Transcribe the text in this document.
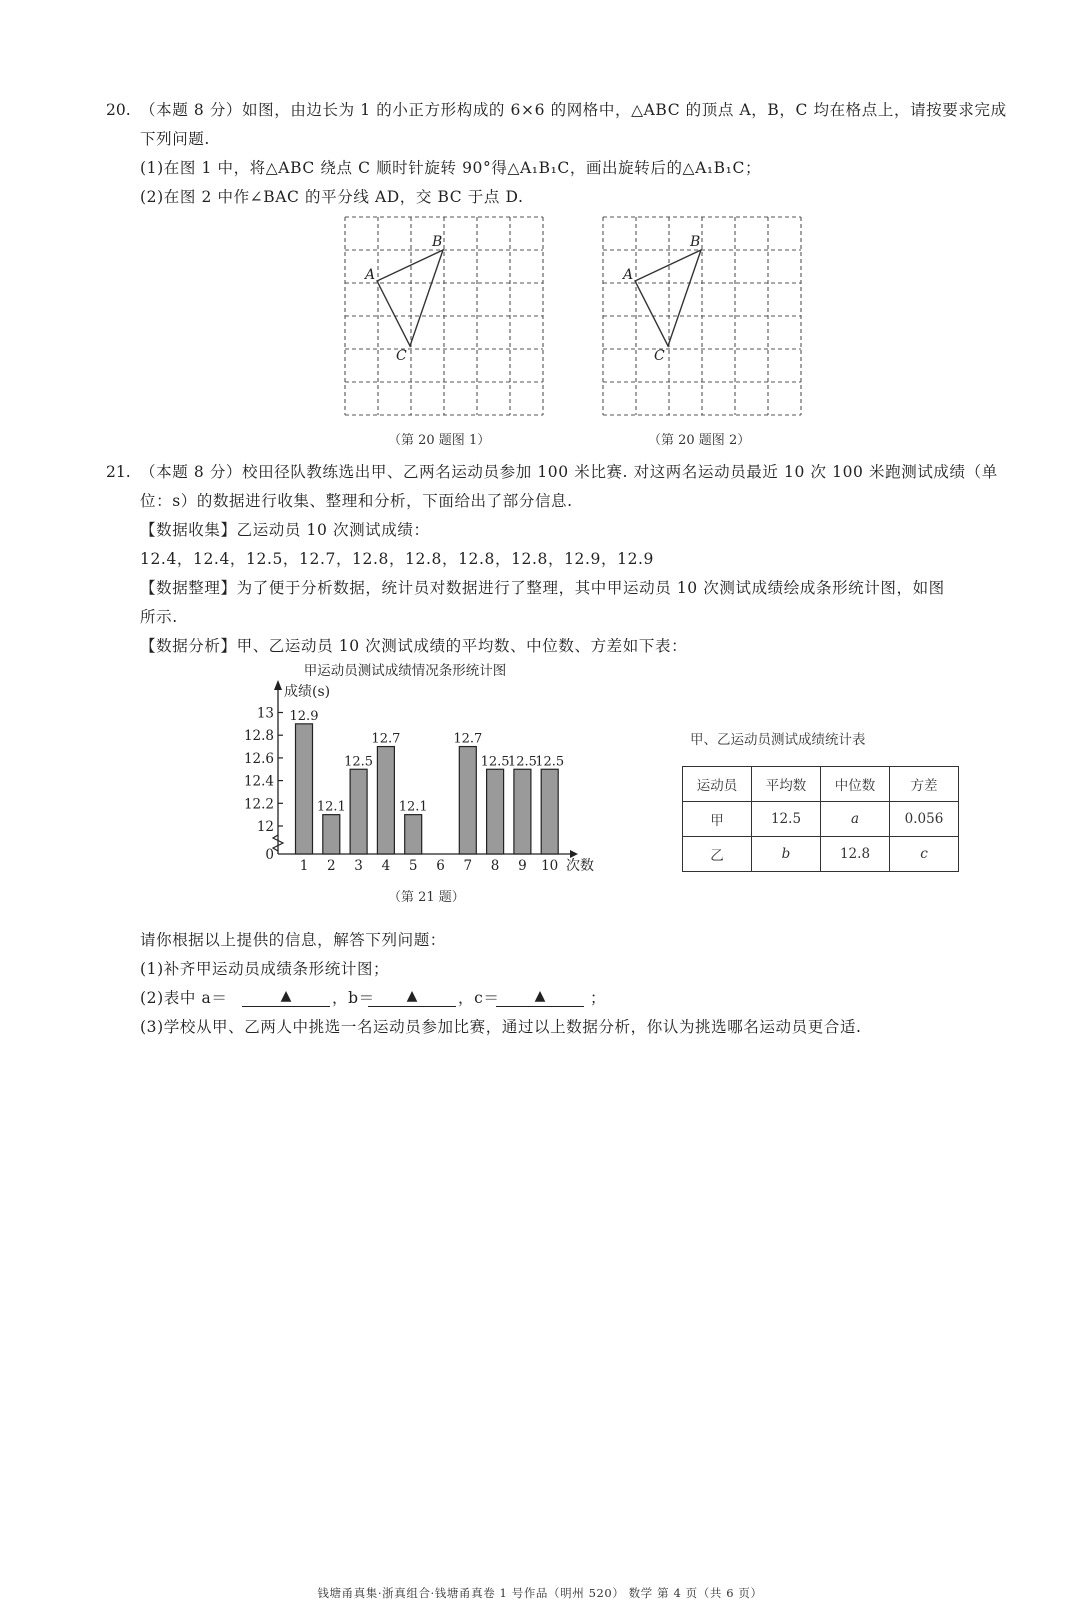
20. （本题 8 分）如图，由边长为 1 的小正方形构成的 6×6 的网格中，△ABC 的顶点 A，B，C 均在格点上，请按要求完成
下列问题.
(1)在图 1 中，将△ABC 绕点 C 顺时针旋转 90°得△A₁B₁C，画出旋转后的△A₁B₁C；
(2)在图 2 中作∠BAC 的平分线 AD，交 BC 于点 D.
A
B
C
A
B
C
（第 20 题图 1）	（第 20 题图 2）
21. （本题 8 分）校田径队教练选出甲、乙两名运动员参加 100 米比赛. 对这两名运动员最近 10 次 100 米跑测试成绩（单
位：s）的数据进行收集、整理和分析，下面给出了部分信息.
【数据收集】乙运动员 10 次测试成绩：
12.4，12.4，12.5，12.7，12.8，12.8，12.8，12.8，12.9，12.9
【数据整理】为了便于分析数据，统计员对数据进行了整理，其中甲运动员 10 次测试成绩绘成条形统计图，如图
所示.
【数据分析】甲、乙运动员 10 次测试成绩的平均数、中位数、方差如下表：
甲运动员测试成绩情况条形统计图
成绩(s)
次数
0
12
12.2
12.4
12.6
12.8
13 12.9
1
12.1
2
12.5
3
12.7
4
12.1
5 6
12.7
7
12.5
8
12.5
9
12.5
10
（第 21 题）
甲、乙运动员测试成绩统计表
运动员	平均数	中位数	方差
甲	12.5	a	0.056
乙	b	12.8	c
请你根据以上提供的信息，解答下列问题：
(1)补齐甲运动员成绩条形统计图；
(2)表中 a＝	▲	，b＝	▲	，c＝	▲	；
(3)学校从甲、乙两人中挑选一名运动员参加比赛，通过以上数据分析，你认为挑选哪名运动员更合适.
钱塘甬真集·浙真组合·钱塘甬真卷 1 号作品（明州 520） 数学 第 4 页（共 6 页）
